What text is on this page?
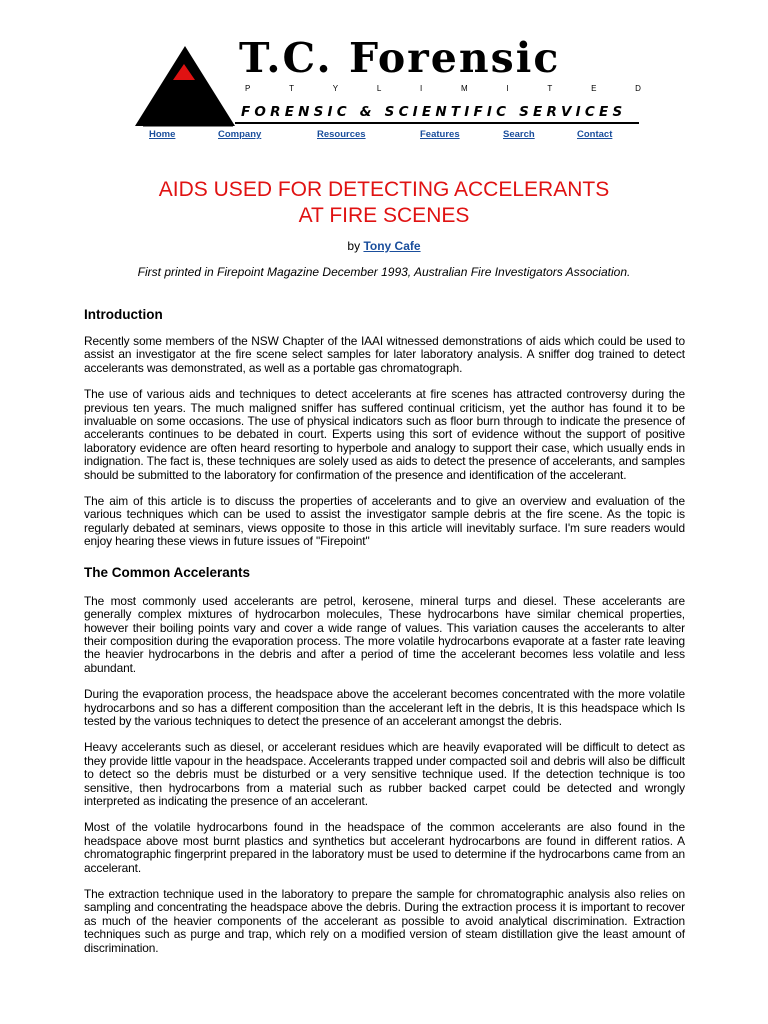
T.C. Forensic
P	T	Y	L	I	M	I	T	E	D
FORENSIC & SCIENTIFIC SERVICES
Home	Company	Resources	Features	Search	Contact
AIDS USED FOR DETECTING ACCELERANTS
AT FIRE SCENES
by Tony Cafe
First printed in Firepoint Magazine December 1993, Australian Fire Investigators Association.
Introduction

Recently some members of the NSW Chapter of the IAAI witnessed demonstrations of aids which could be used to assist an investigator at the fire scene select samples for later laboratory analysis. A sniffer dog trained to detect accelerants was demonstrated, as well as a portable gas chromatograph.

The use of various aids and techniques to detect accelerants at fire scenes has attracted controversy during the previous ten years. The much maligned sniffer has suffered continual criticism, yet the author has found it to be invaluable on some occasions. The use of physical indicators such as floor burn through to indicate the presence of accelerants continues to be debated in court. Experts using this sort of evidence without the support of positive laboratory evidence are often heard resorting to hyperbole and analogy to support their case, which usually ends in indignation. The fact is, these techniques are solely used as aids to detect the presence of accelerants, and samples should be submitted to the laboratory for confirmation of the presence and identification of the accelerant.

The aim of this article is to discuss the properties of accelerants and to give an overview and evaluation of the various techniques which can be used to assist the investigator sample debris at the fire scene. As the topic is regularly debated at seminars, views opposite to those in this article will inevitably surface. I'm sure readers would enjoy hearing these views in future issues of "Firepoint"

The Common Accelerants

The most commonly used accelerants are petrol, kerosene, mineral turps and diesel. These accelerants are generally complex mixtures of hydrocarbon molecules, These hydrocarbons have similar chemical properties, however their boiling points vary and cover a wide range of values. This variation causes the accelerants to alter their composition during the evaporation process. The more volatile hydrocarbons evaporate at a faster rate leaving the heavier hydrocarbons in the debris and after a period of time the accelerant becomes less volatile and less abundant.

During the evaporation process, the headspace above the accelerant becomes concentrated with the more volatile hydrocarbons and so has a different composition than the accelerant left in the debris, It is this headspace which Is tested by the various techniques to detect the presence of an accelerant amongst the debris.

Heavy accelerants such as diesel, or accelerant residues which are heavily evaporated will be difficult to detect as they provide little vapour in the headspace. Accelerants trapped under compacted soil and debris will also be difficult to detect so the debris must be disturbed or a very sensitive technique used. If the detection technique is too sensitive, then hydrocarbons from a material such as rubber backed carpet could be detected and wrongly interpreted as indicating the presence of an accelerant.

Most of the volatile hydrocarbons found in the headspace of the common accelerants are also found in the headspace above most burnt plastics and synthetics but accelerant hydrocarbons are found in different ratios. A chromatographic fingerprint prepared in the laboratory must be used to determine if the hydrocarbons came from an accelerant.

The extraction technique used in the laboratory to prepare the sample for chromatographic analysis also relies on sampling and concentrating the headspace above the debris. During the extraction process it is important to recover as much of the heavier components of the accelerant as possible to avoid analytical discrimination. Extraction techniques such as purge and trap, which rely on a modified version of steam distillation give the least amount of discrimination.
